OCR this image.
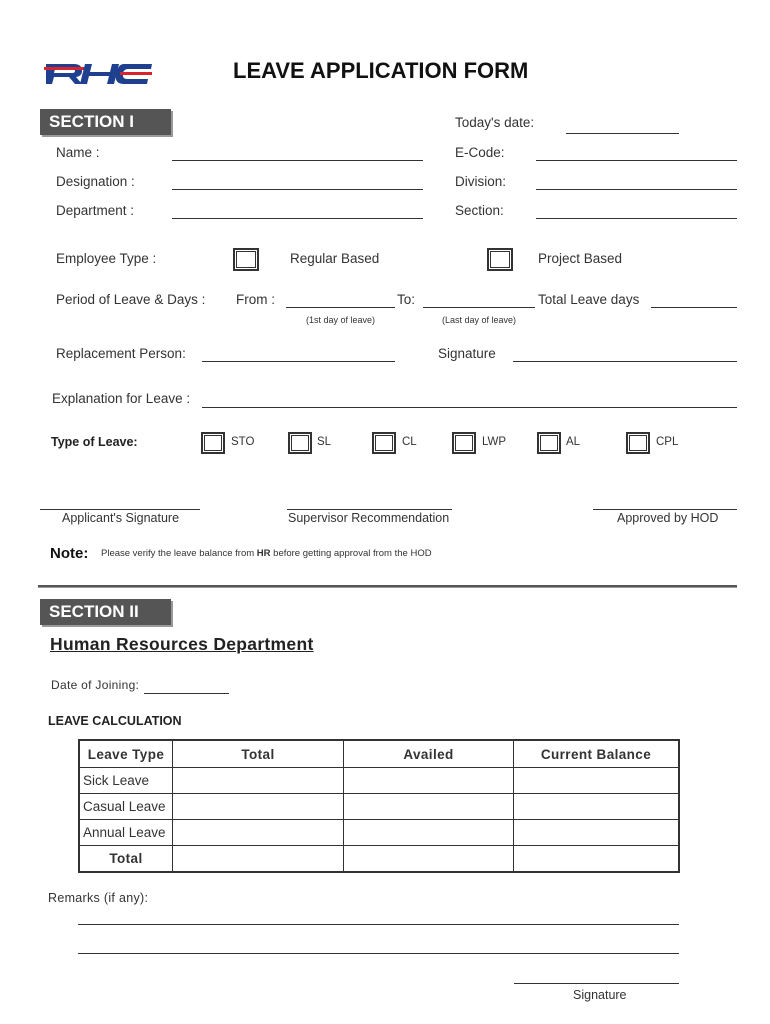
LEAVE APPLICATION FORM
SECTION I	Today's date:
Name :	E-Code:
Designation :	Division:
Department :	Section:
Employee Type :	Regular Based	Project Based
Period of Leave & Days : From :	To:	Total Leave days
(1st day of leave)	(Last day of leave)
Replacement Person:	Signature
Explanation for Leave :
Type of Leave:	STO	SL	CL	LWP	AL	CPL
Applicant's Signature	Supervisor Recommendation	Approved by HOD
Note: Please verify the leave balance from HR before getting approval from the HOD
SECTION II
Human Resources Department
Date of Joining:
LEAVE CALCULATION
Leave Type	Total	Availed	Current Balance
Sick Leave			
Casual Leave			
Annual Leave			
Total			
Remarks (if any):
Signature
